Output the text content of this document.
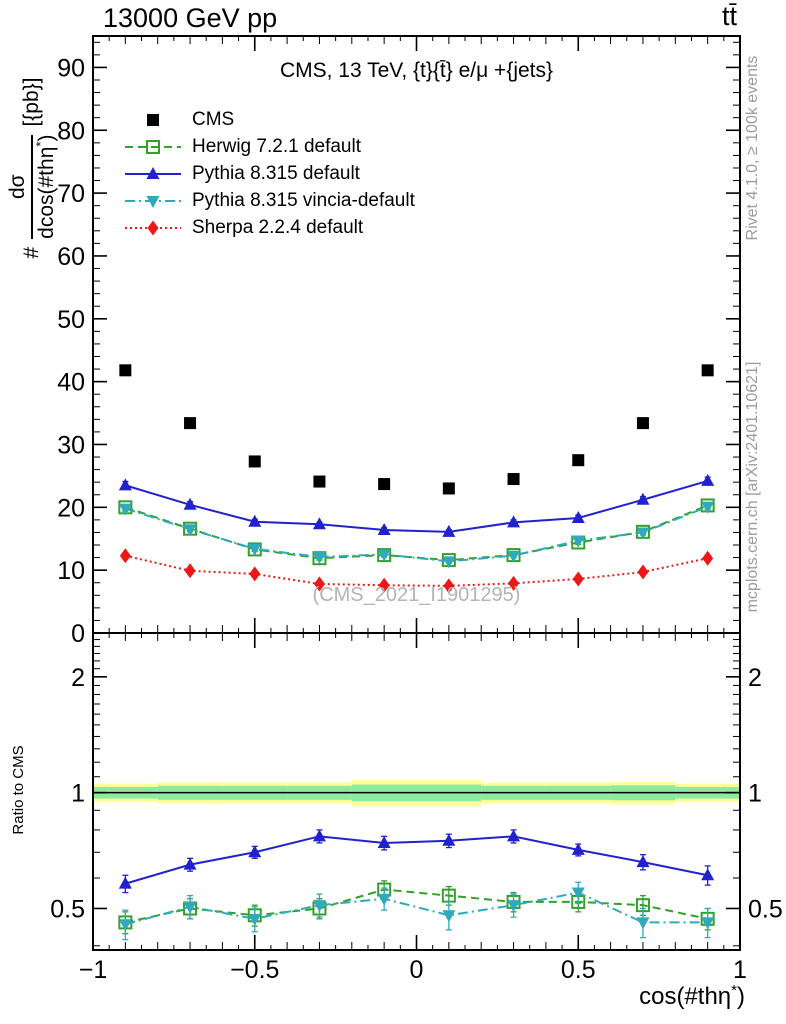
0
10
20
30
40
50
60
70
80
90
0.5	0.5
1	1
2	2
−1	−0.5	0	0.5	1
13000 GeV pp	tt̄
CMS, 13 TeV, {t}{t̄} e/μ +{jets}
CMS
Herwig 7.2.1 default
Pythia 8.315 default
Pythia 8.315 vincia-default
Sherpa 2.2.4 default
#
dσ dcos(#thη*)
[{pb}]
Ratio to CMS
cos(#thη*)
(CMS_2021_I1901295)
Rivet 4.1.0, ≥ 100k events
mcplots.cern.ch [arXiv:2401.10621]
